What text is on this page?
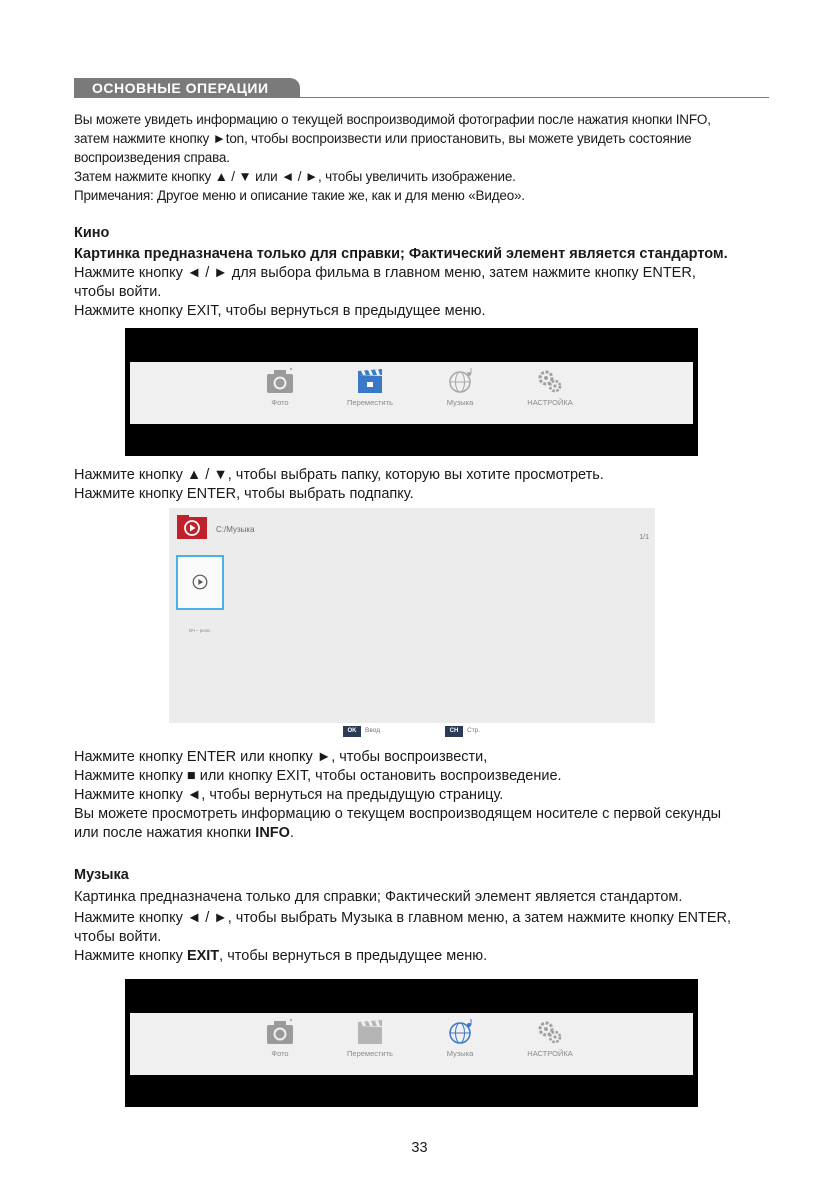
ОСНОВНЫЕ ОПЕРАЦИИ
Вы можете увидеть информацию о текущей воспроизводимой фотографии после нажатия кнопки INFO,
затем нажмите кнопку ►ton, чтобы воспроизвести или приостановить, вы можете увидеть состояние
воспроизведения справа.
Затем нажмите кнопку ▲ / ▼ или ◄ / ►, чтобы увеличить изображение.
Примечания: Другое меню и описание такие же, как и для меню «Видео».
Кино
Картинка предназначена только для справки; Фактический элемент является стандартом.
Нажмите кнопку ◄ / ► для выбора фильма в главном меню, затем нажмите кнопку ENTER,
чтобы войти.
Нажмите кнопку EXIT, чтобы вернуться в предыдущее меню.
Фото	Переместить	Музыка	НАСТРОЙКА
Нажмите кнопку ▲ / ▼, чтобы выбрать папку, которую вы хотите просмотреть.
Нажмите кнопку ENTER, чтобы выбрать подпапку.
C:/Музыка
1/1
ВЧ – рели
OK	Ввод	CH	Стр.
Нажмите кнопку ENTER или кнопку ►, чтобы воспроизвести,
Нажмите кнопку ■ или кнопку EXIT, чтобы остановить воспроизведение.
Нажмите кнопку ◄, чтобы вернуться на предыдущую страницу.
Вы можете просмотреть информацию о текущем воспроизводящем носителе с первой секунды
или после нажатия кнопки INFO.
Музыка
Картинка предназначена только для справки; Фактический элемент является стандартом.
Нажмите кнопку ◄ / ►, чтобы выбрать Музыка в главном меню, а затем нажмите кнопку ENTER,
чтобы войти.
Нажмите кнопку EXIT, чтобы вернуться в предыдущее меню.
Фото	Переместить	Музыка	НАСТРОЙКА
33
